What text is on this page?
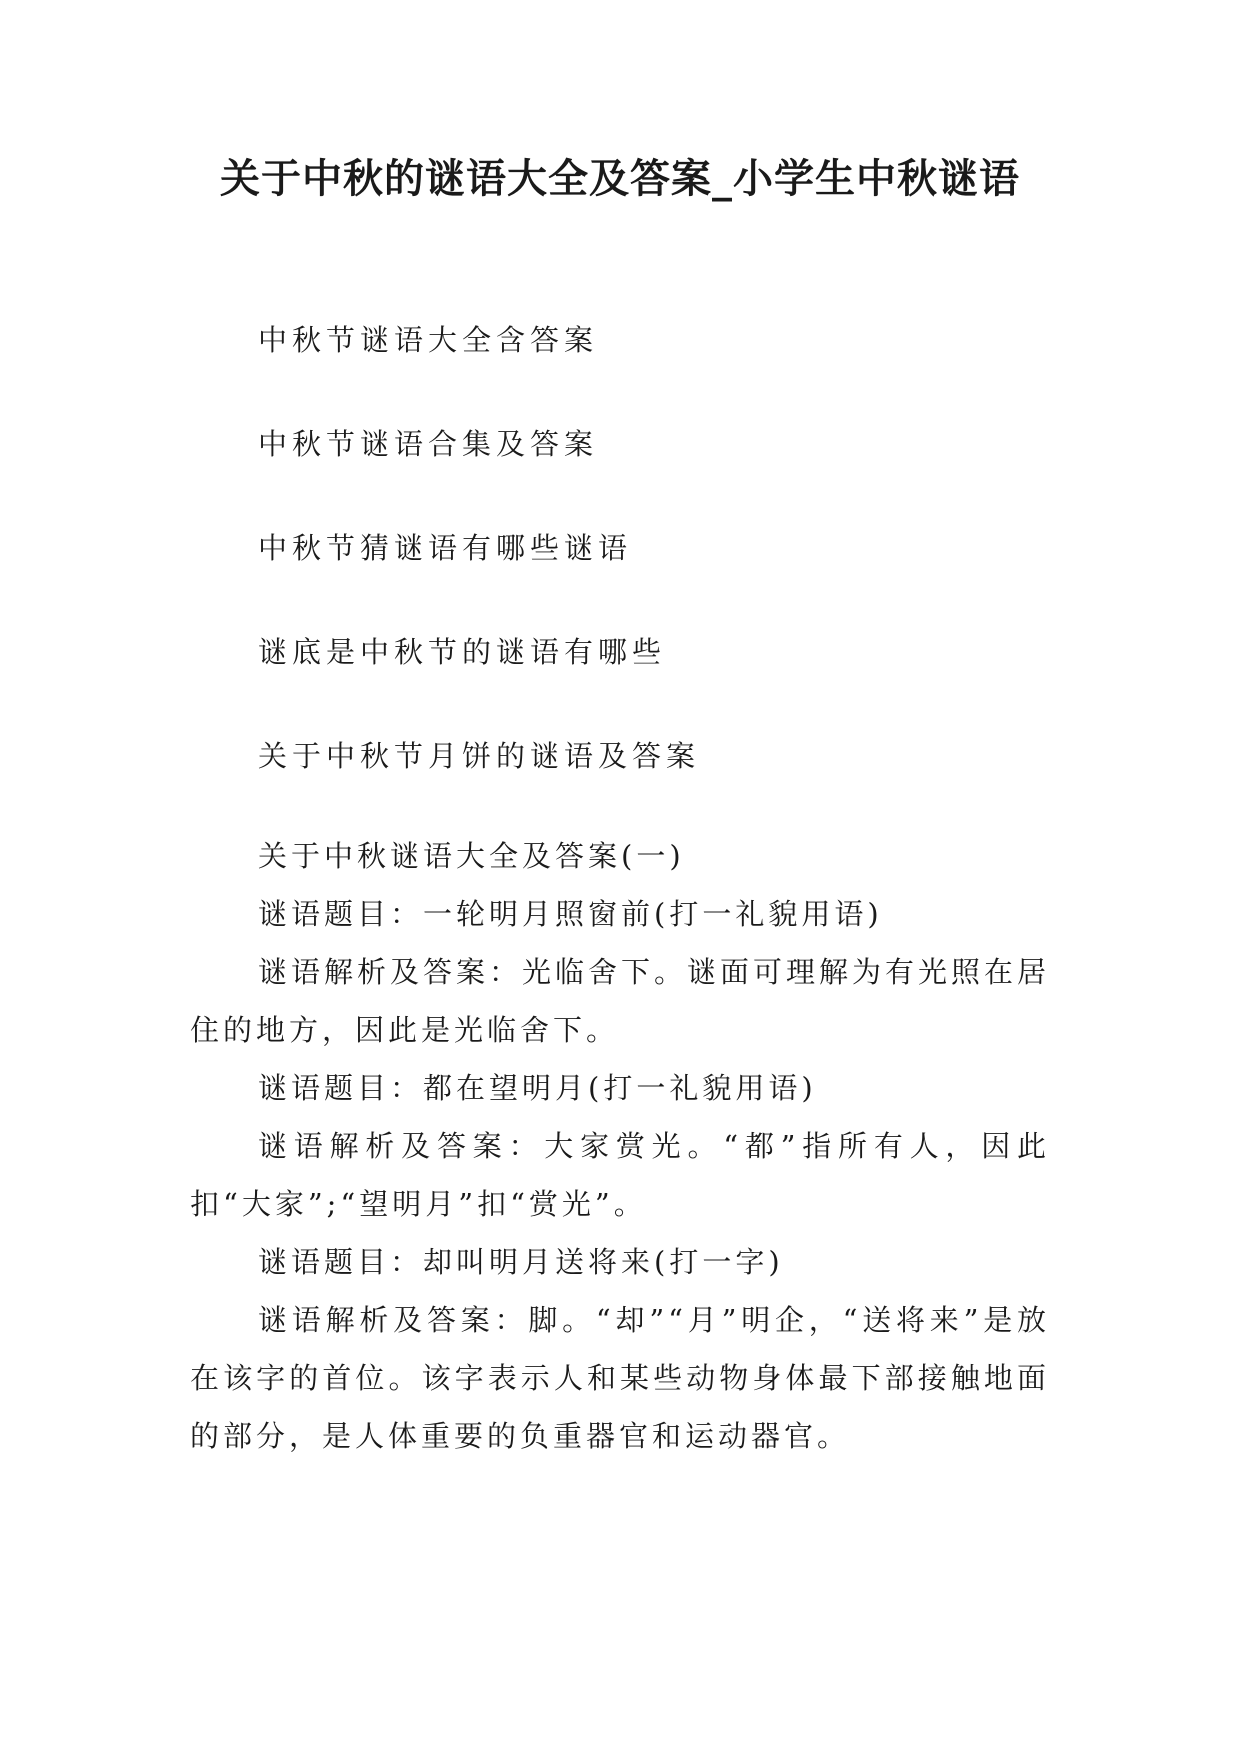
关于中秋的谜语大全及答案_小学生中秋谜语
中秋节谜语大全含答案
中秋节谜语合集及答案
中秋节猜谜语有哪些谜语
谜底是中秋节的谜语有哪些
关于中秋节月饼的谜语及答案

关于中秋谜语大全及答案(一)

谜语题目：一轮明月照窗前(打一礼貌用语)

谜语解析及答案：光临舍下。谜面可理解为有光照在居住的地方，因此是光临舍下。

谜语题目：都在望明月(打一礼貌用语)

谜语解析及答案：大家赏光。“都”指所有人，因此扣“大家”;“望明月”扣“赏光”。

谜语题目：却叫明月送将来(打一字)

谜语解析及答案：脚。“却”“月”明企，“送将来”是放在该字的首位。该字表示人和某些动物身体最下部接触地面的部分，是人体重要的负重器官和运动器官。
